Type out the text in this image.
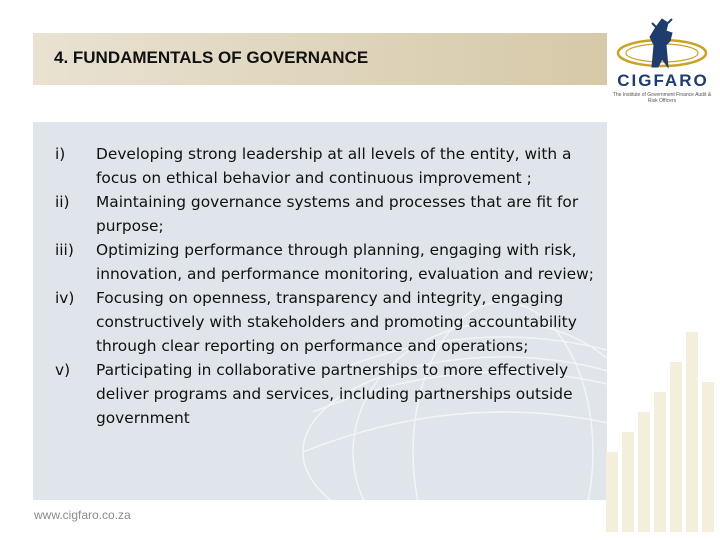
4. FUNDAMENTALS OF GOVERNANCE
CIGFARO
The Institute of Government Finance Audit & Risk Officers
i) Developing strong leadership at all levels of the entity, with a focus on ethical behavior and continuous improvement ;
ii) Maintaining governance systems and processes that are fit for purpose;
iii) Optimizing performance through planning, engaging with risk, innovation, and performance monitoring, evaluation and review;
iv) Focusing on openness, transparency and integrity, engaging constructively with stakeholders and promoting accountability through clear reporting on performance and operations;
v) Participating in collaborative partnerships to more effectively deliver programs and services, including partnerships outside government
www.cigfaro.co.za
